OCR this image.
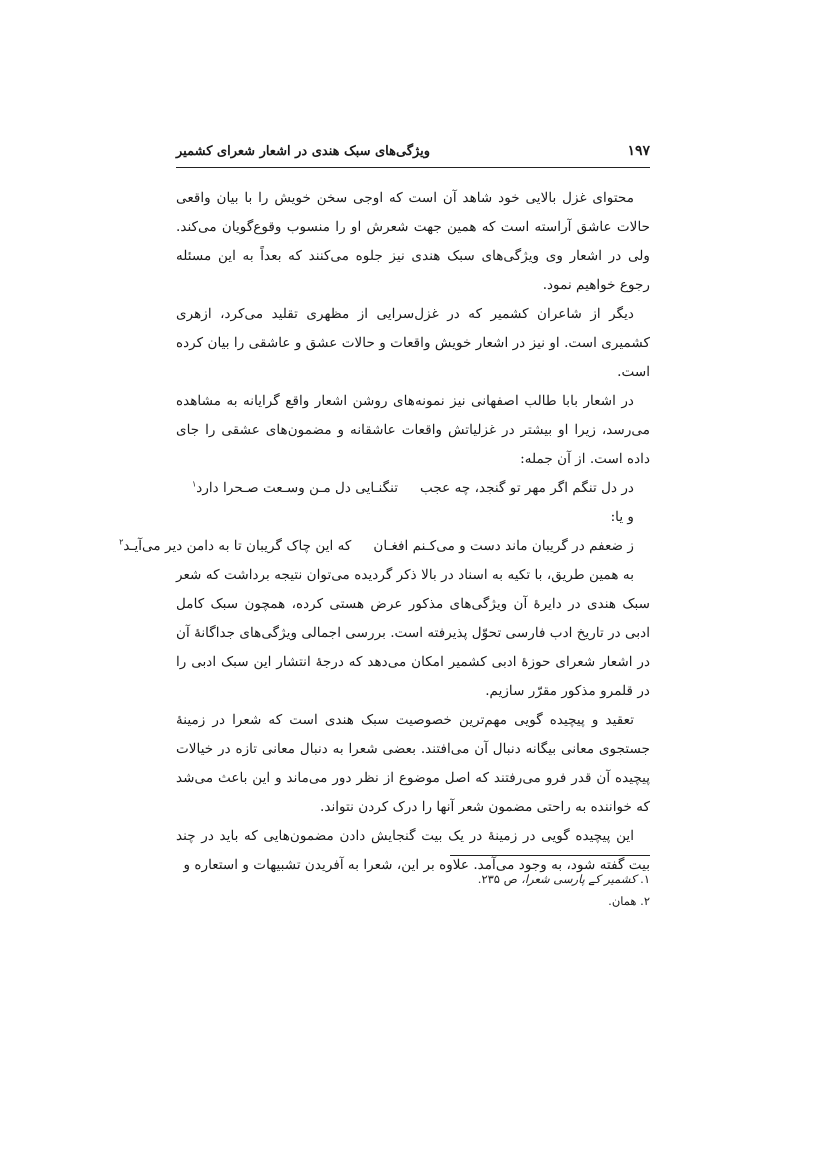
۱۹۷
ویژگی‌های سبک هندی در اشعار شعرای کشمیر

محتوای غزل بالایی خود شاهد آن است که اوجی سخن خویش را با بیان واقعی حالات عاشق آراسته است که همین جهت شعرش او را منسوب وقوع‌گویان می‌کند. ولی در اشعار وی ویژگی‌های سبک هندی نیز جلوه می‌کنند که بعداً به این مسئله رجوع خواهیم نمود.

دیگر از شاعران کشمیر که در غزل‌سرایی از مظهری تقلید می‌کرد، ازهری کشمیری است. او نیز در اشعار خویش واقعات و حالات عشق و عاشقی را بیان کرده است.

در اشعار بابا طالب اصفهانی نیز نمونه‌های روشن اشعار واقع گرایانه به مشاهده می‌رسد، زیرا او بیشتر در غزلیاتش واقعات عاشقانه و مضمون‌های عشقی را جای داده است. از آن جمله:

در دل تنگم اگر مهر تو گنجد، چه عجب
تنگنـایی دل مـن وسـعت صـحرا دارد$^۱$

و یا:

ز ضعفم در گریبان ماند دست و می‌کـنم افغـان
که این چاک گریبان تا به دامن دیر می‌آیـد$^۲$

به همین طریق، با تکیه به اسناد در بالا ذکر گردیده می‌توان نتیجه برداشت که شعر سبک هندی در دایرهٔ آن ویژگی‌های مذکور عرض هستی کرده، همچون سبک کامل ادبی در تاریخ ادب فارسی تحوّل پذیرفته است. بررسی اجمالی ویژگی‌های جداگانهٔ آن در اشعار شعرای حوزهٔ ادبی کشمیر امکان می‌دهد که درجهٔ انتشار این سبک ادبی را در قلمرو مذکور مقرّر سازیم.

تعقید و پیچیده گویی مهم‌ترین خصوصیت سبک هندی است که شعرا در زمینهٔ جستجوی معانی بیگانه دنبال آن می‌افتند. بعضی شعرا به دنبال معانی تازه در خیالات پیچیده آن قدر فرو می‌رفتند که اصل موضوع از نظر دور می‌ماند و این باعث می‌شد که خواننده به راحتی مضمون شعر آنها را درک کردن نتواند.

این پیچیده گویی در زمینهٔ در یک بیت گنجایش دادن مضمون‌هایی که باید در چند بیت گفته شود، به وجود می‌آمد. علاوه بر این، شعرا به آفریدن تشبیهات و استعاره و

۱. کشمیر کے پارسی شعرا، ص ۲۳۵.

۲. همان.
